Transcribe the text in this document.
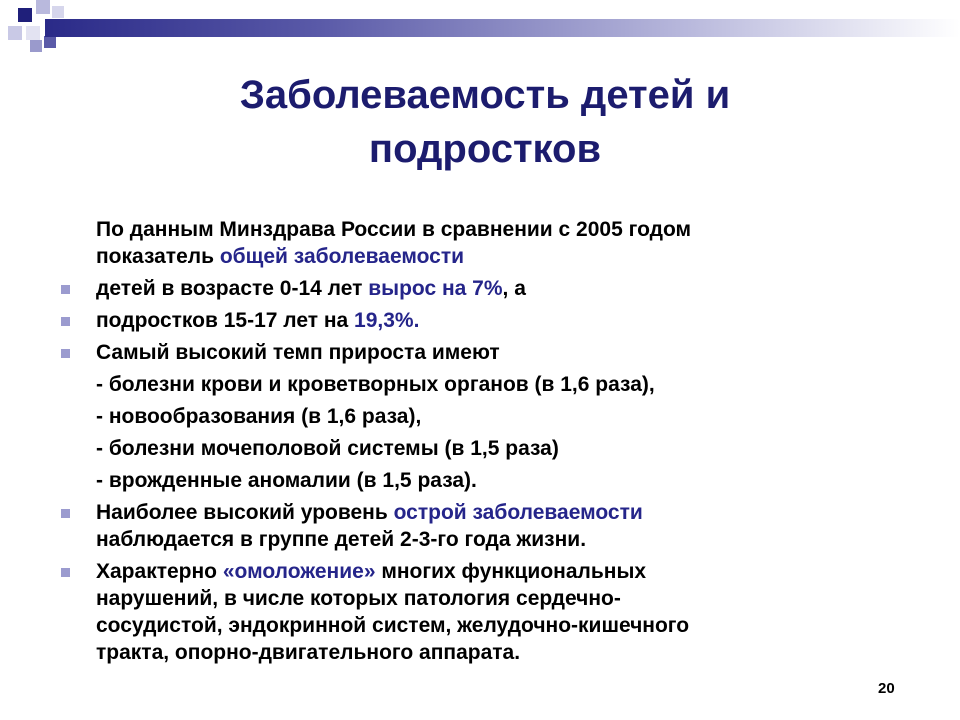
Заболеваемость детей и
подростков
По данным Минздрава России в сравнении с 2005 годом
показатель общей заболеваемости
детей в возрасте 0-14 лет вырос на 7%, а
подростков 15-17 лет на 19,3%.
Самый высокий темп прироста имеют
- болезни крови и кроветворных органов (в 1,6 раза),
- новообразования (в 1,6 раза),
- болезни мочеполовой системы (в 1,5 раза)
- врожденные аномалии (в 1,5 раза).
Наиболее высокий уровень острой заболеваемости
наблюдается в группе детей 2-3-го года жизни.
Характерно «омоложение» многих функциональных
нарушений, в числе которых патология сердечно-
сосудистой, эндокринной систем, желудочно-кишечного
тракта, опорно-двигательного аппарата.
20
